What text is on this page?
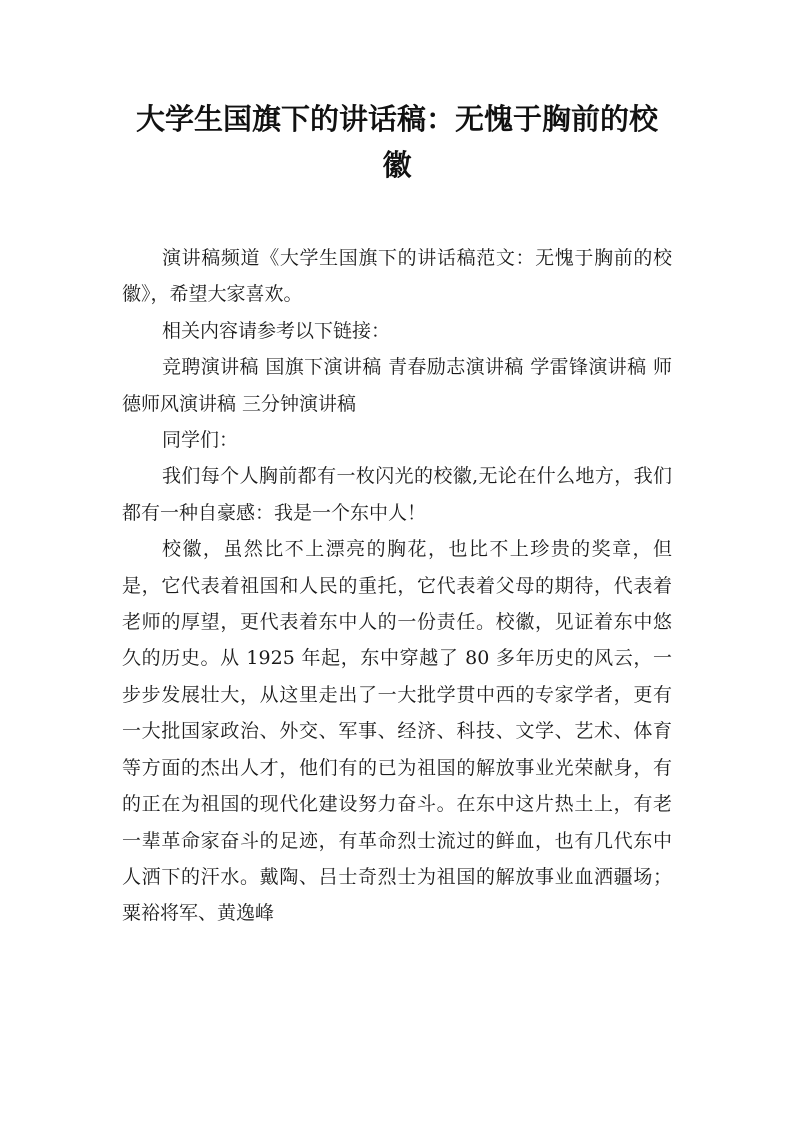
大学生国旗下的讲话稿：无愧于胸前的校徽

演讲稿频道《大学生国旗下的讲话稿范文：无愧于胸前的校徽》，希望大家喜欢。

相关内容请参考以下链接：

竞聘演讲稿 国旗下演讲稿 青春励志演讲稿 学雷锋演讲稿 师德师风演讲稿 三分钟演讲稿

同学们：

我们每个人胸前都有一枚闪光的校徽,无论在什么地方，我们都有一种自豪感：我是一个东中人！

校徽，虽然比不上漂亮的胸花，也比不上珍贵的奖章，但是，它代表着祖国和人民的重托，它代表着父母的期待，代表着老师的厚望，更代表着东中人的一份责任。校徽，见证着东中悠久的历史。从 1925 年起，东中穿越了 80 多年历史的风云，一步步发展壮大，从这里走出了一大批学贯中西的专家学者，更有一大批国家政治、外交、军事、经济、科技、文学、艺术、体育等方面的杰出人才，他们有的已为祖国的解放事业光荣献身，有的正在为祖国的现代化建设努力奋斗。在东中这片热土上，有老一辈革命家奋斗的足迹，有革命烈士流过的鲜血，也有几代东中人洒下的汗水。戴陶、吕士奇烈士为祖国的解放事业血洒疆场；粟裕将军、黄逸峰
